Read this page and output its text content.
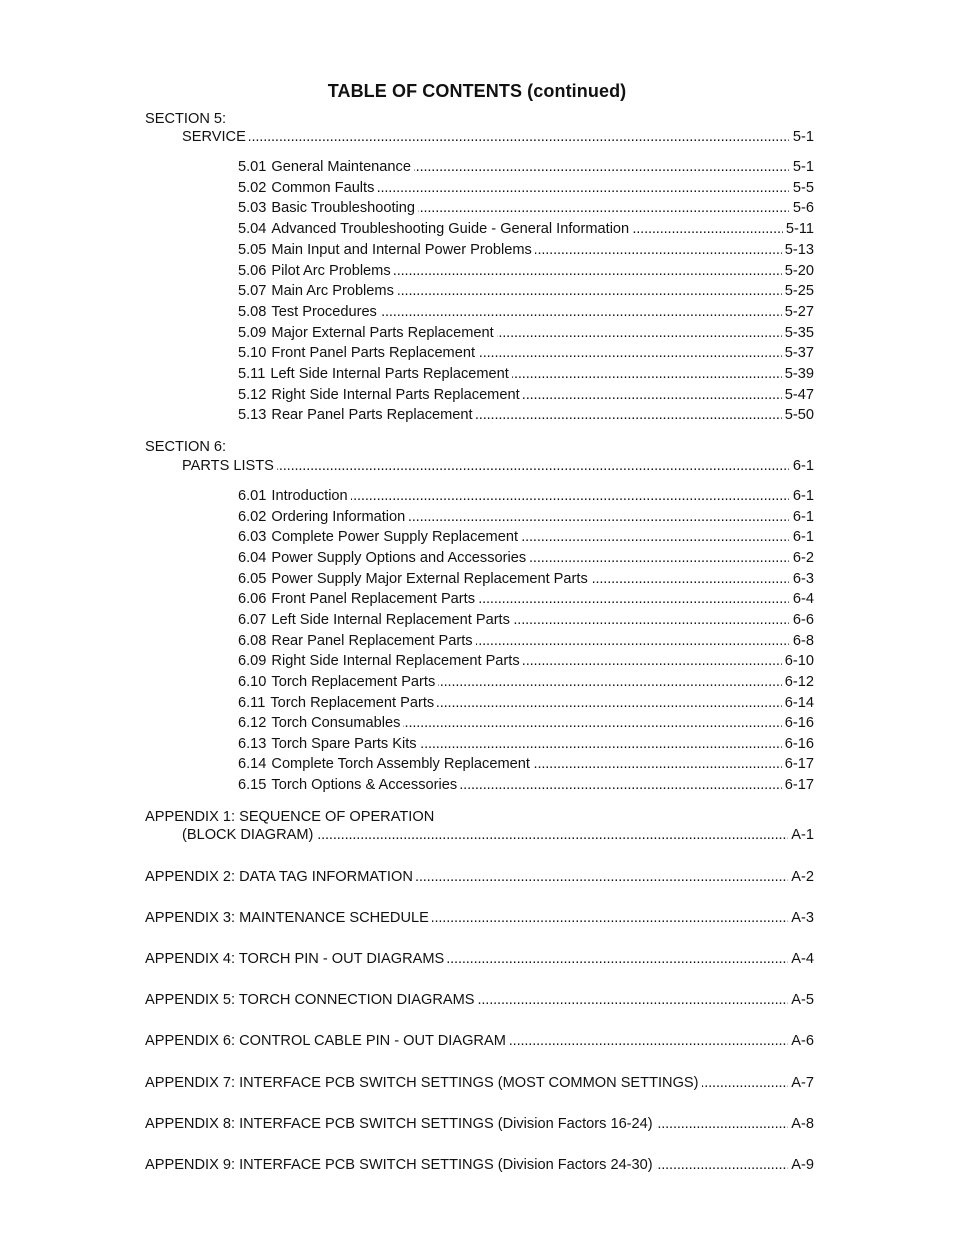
TABLE OF CONTENTS (continued)
SECTION 5:
SERVICE . . .	5-1
SECTION 6:
PARTS LISTS . . .	6-1
APPENDIX 1: SEQUENCE OF OPERATION
(BLOCK DIAGRAM) . . .	A-1
5.01 General Maintenance . . .	5-1
5.02 Common Faults . . .	5-5
5.03 Basic Troubleshooting . . .	5-6
5.04 Advanced Troubleshooting Guide - General Information . . .	5-11
5.05 Main Input and Internal Power Problems . . .	5-13
5.06 Pilot Arc Problems . . .	5-20
5.07 Main Arc Problems . . .	5-25
5.08 Test Procedures . . .	5-27
5.09 Major External Parts Replacement . . .	5-35
5.10 Front Panel Parts Replacement . . .	5-37
5.11 Left Side Internal Parts Replacement . . .	5-39
5.12 Right Side Internal Parts Replacement . . .	5-47
5.13 Rear Panel Parts Replacement . . .	5-50
6.01 Introduction . . .	6-1
6.02 Ordering Information . . .	6-1
6.03 Complete Power Supply Replacement . . .	6-1
6.04 Power Supply Options and Accessories . . .	6-2
6.05 Power Supply Major External Replacement Parts . . .	6-3
6.06 Front Panel Replacement Parts . . .	6-4
6.07 Left Side Internal Replacement Parts . . .	6-6
6.08 Rear Panel Replacement Parts . . .	6-8
6.09 Right Side Internal Replacement Parts . . .	6-10
6.10 Torch Replacement Parts . . .	6-12
6.11 Torch Replacement Parts . . .	6-14
6.12 Torch Consumables . . .	6-16
6.13 Torch Spare Parts Kits . . .	6-16
6.14 Complete Torch Assembly Replacement . . .	6-17
6.15 Torch Options & Accessories . . .	6-17
APPENDIX 2: DATA TAG INFORMATION . . .	A-2
APPENDIX 3: MAINTENANCE SCHEDULE . . .	A-3
APPENDIX 4: TORCH PIN - OUT DIAGRAMS . . .	A-4
APPENDIX 5: TORCH CONNECTION DIAGRAMS . . .	A-5
APPENDIX 6: CONTROL CABLE PIN - OUT DIAGRAM . . .	A-6
APPENDIX 7: INTERFACE PCB SWITCH SETTINGS (MOST COMMON SETTINGS) . . .	A-7
APPENDIX 8: INTERFACE PCB SWITCH SETTINGS (Division Factors 16-24) . . .	A-8
APPENDIX 9: INTERFACE PCB SWITCH SETTINGS (Division Factors 24-30) . . .	A-9
